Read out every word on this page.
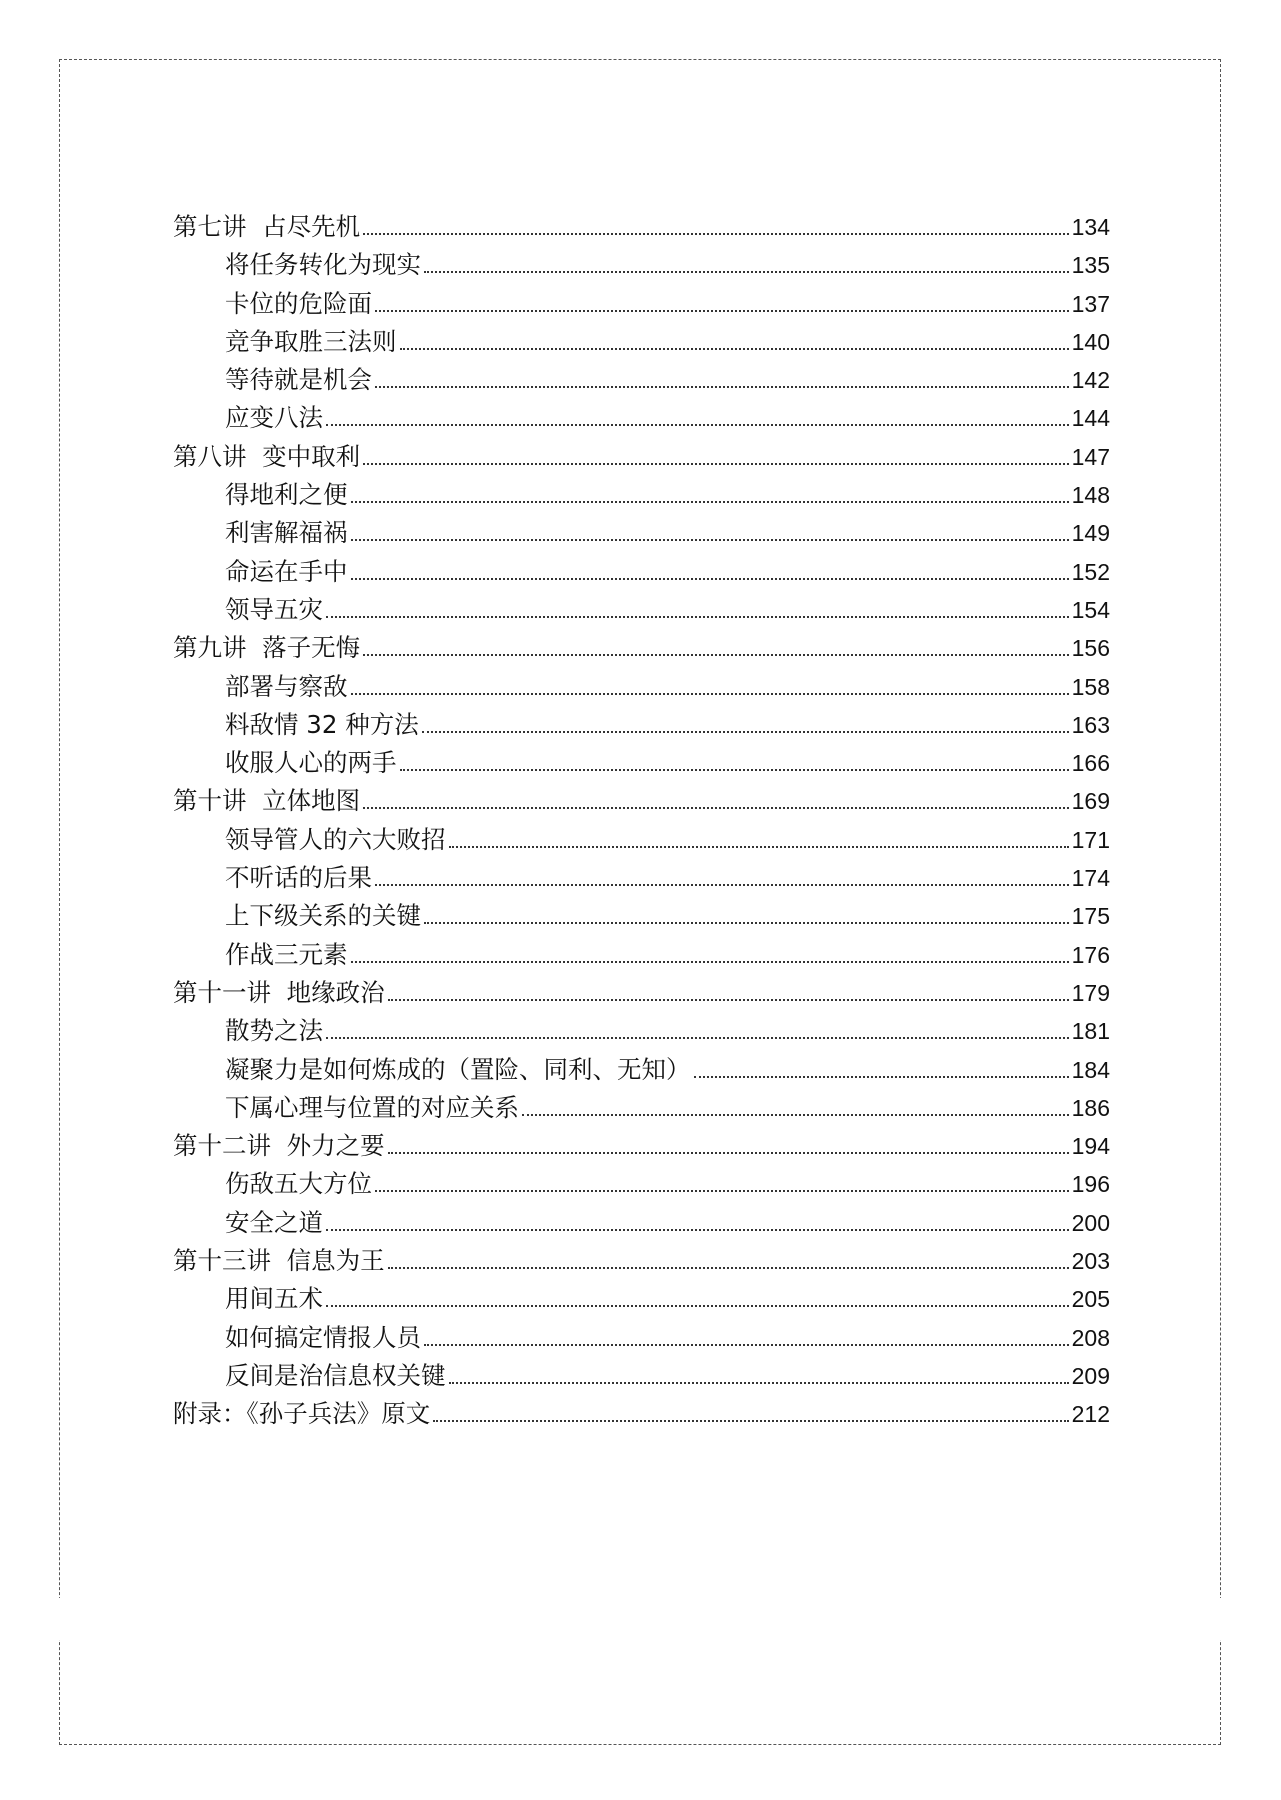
第七讲  占尽先机	134
将任务转化为现实	135
卡位的危险面	137
竞争取胜三法则	140
等待就是机会	142
应变八法	144
第八讲  变中取利	147
得地利之便	148
利害解福祸	149
命运在手中	152
领导五灾	154
第九讲  落子无悔	156
部署与察敌	158
料敌情 32 种方法	163
收服人心的两手	166
第十讲  立体地图	169
领导管人的六大败招	171
不听话的后果	174
上下级关系的关键	175
作战三元素	176
第十一讲  地缘政治	179
散势之法	181
凝聚力是如何炼成的（置险、同利、无知）	184
下属心理与位置的对应关系	186
第十二讲  外力之要	194
伤敌五大方位	196
安全之道	200
第十三讲  信息为王	203
用间五术	205
如何搞定情报人员	208
反间是治信息权关键	209
附录：《孙子兵法》原文	212
